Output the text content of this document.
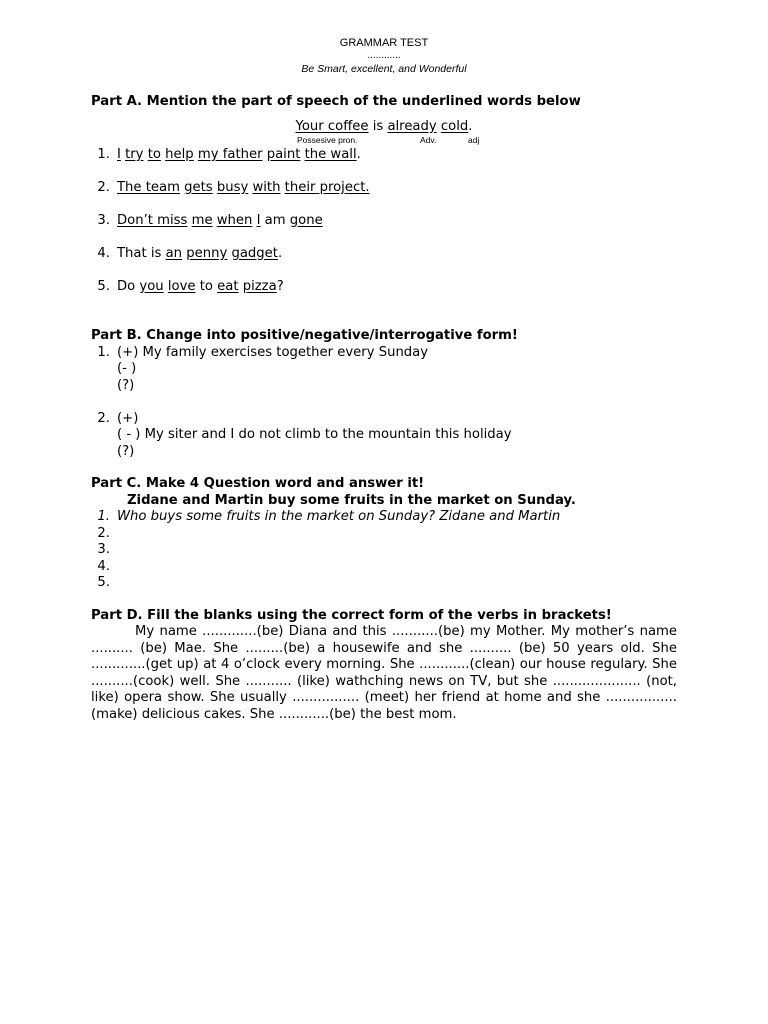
GRAMMAR TEST
............
Be Smart, excellent, and Wonderful
Part A. Mention the part of speech of the underlined words below
Your coffee is already cold.
Possesive pron.	Adv.	adj
1. I try to help my father paint the wall.
2. The team gets busy with their project.
3. Don’t miss me when I am gone
4. That is an penny gadget.
5. Do you love to eat pizza?
Part B. Change into positive/negative/interrogative form!
1. (+) My family exercises together every Sunday
(- )
(?)
2. (+)
( - ) My siter and I do not climb to the mountain this holiday
(?)
Part C. Make 4 Question word and answer it!
Zidane and Martin buy some fruits in the market on Sunday.
1. Who buys some fruits in the market on Sunday? Zidane and Martin
2.
3.
4.
5.
Part D. Fill the blanks using the correct form of the verbs in brackets!
My name .............(be) Diana and this ...........(be) my Mother. My mother’s name .......... (be) Mae. She .........(be) a housewife and she .......... (be) 50 years old. She .............(get up) at 4 o’clock every morning. She ............(clean) our house regulary. She ..........(cook) well. She ........... (like) wathching news on TV, but she ..................... (not, like) opera show. She usually ................ (meet) her friend at home and she ................. (make) delicious cakes. She ............(be) the best mom.
